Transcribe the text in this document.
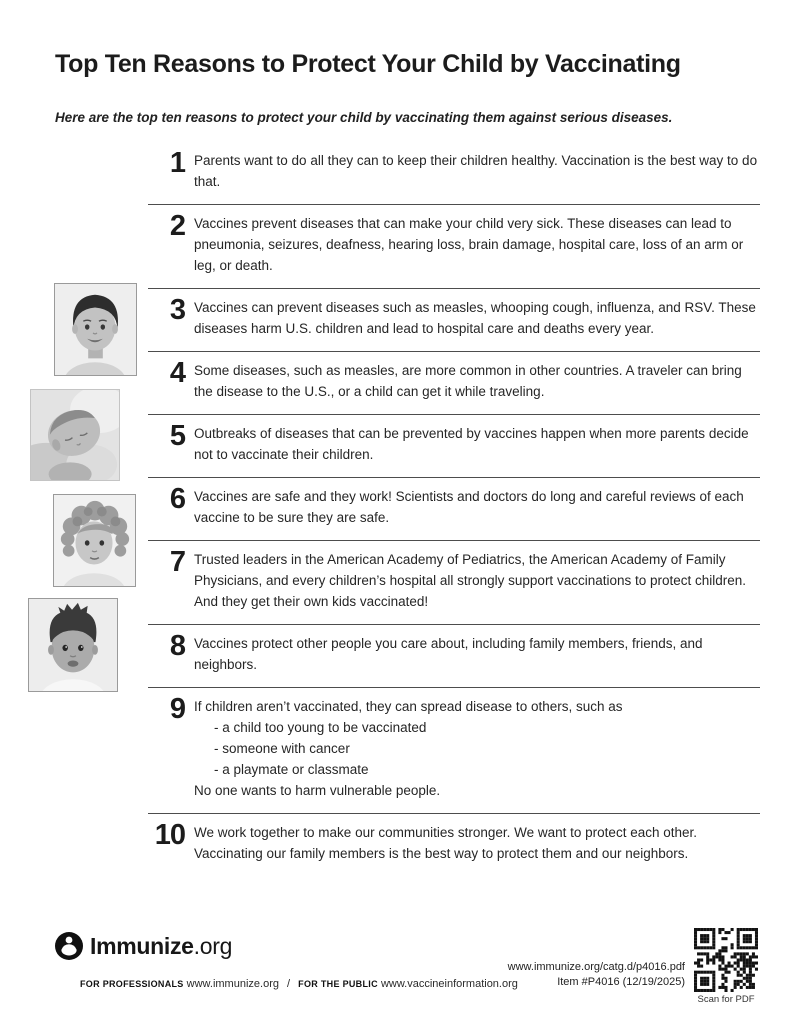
Top Ten Reasons to Protect Your Child by Vaccinating

Here are the top ten reasons to protect your child by vaccinating them against serious diseases.

1 Parents want to do all they can to keep their children healthy. Vaccination is the best way to do that.
2 Vaccines prevent diseases that can make your child very sick. These diseases can lead to pneumonia, seizures, deafness, hearing loss, brain damage, hospital care, loss of an arm or leg, or death.
3 Vaccines can prevent diseases such as measles, whooping cough, influenza, and RSV. These diseases harm U.S. children and lead to hospital care and deaths every year.
4 Some diseases, such as measles, are more common in other countries. A traveler can bring the disease to the U.S., or a child can get it while traveling.
5 Outbreaks of diseases that can be prevented by vaccines happen when more parents decide not to vaccinate their children.
6 Vaccines are safe and they work! Scientists and doctors do long and careful reviews of each vaccine to be sure they are safe.
7 Trusted leaders in the American Academy of Pediatrics, the American Academy of Family Physicians, and every children’s hospital all strongly support vaccinations to protect children. And they get their own kids vaccinated!
8 Vaccines protect other people you care about, including family members, friends, and neighbors.
9 If children aren’t vaccinated, they can spread disease to others, such as
- a child too young to be vaccinated
- someone with cancer
- a playmate or classmate
No one wants to harm vulnerable people.
10 We work together to make our communities stronger. We want to protect each other. Vaccinating our family members is the best way to protect them and our neighbors.
Immunize.org
FOR PROFESSIONALS www.immunize.org / FOR THE PUBLIC www.vaccineinformation.org
www.immunize.org/catg.d/p4016.pdf
Item #P4016 (12/19/2025)
Scan for PDF
